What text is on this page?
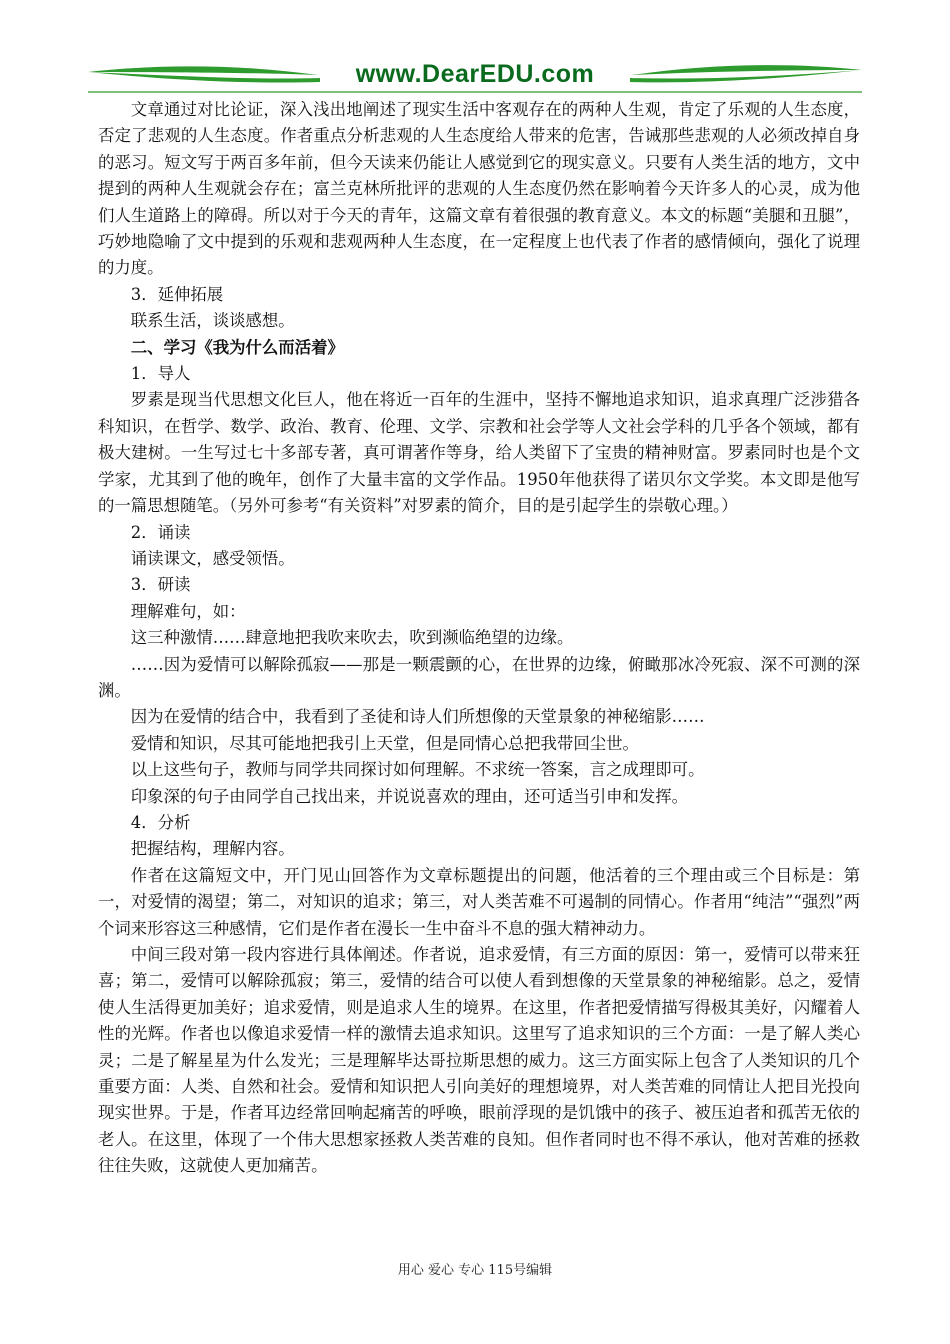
www.DearEDU.com

文章通过对比论证，深入浅出地阐述了现实生活中客观存在的两种人生观，肯定了乐观的人生态度，否定了悲观的人生态度。作者重点分析悲观的人生态度给人带来的危害，告诫那些悲观的人必须改掉自身的恶习。短文写于两百多年前，但今天读来仍能让人感觉到它的现实意义。只要有人类生活的地方，文中提到的两种人生观就会存在；富兰克林所批评的悲观的人生态度仍然在影响着今天许多人的心灵，成为他们人生道路上的障碍。所以对于今天的青年，这篇文章有着很强的教育意义。本文的标题“美腿和丑腿”，巧妙地隐喻了文中提到的乐观和悲观两种人生态度，在一定程度上也代表了作者的感情倾向，强化了说理的力度。

3．延伸拓展

联系生活，谈谈感想。

二、学习《我为什么而活着》

1．导人

罗素是现当代思想文化巨人，他在将近一百年的生涯中，坚持不懈地追求知识，追求真理广泛涉猎各科知识，在哲学、数学、政治、教育、伦理、文学、宗教和社会学等人文社会学科的几乎各个领域，都有极大建树。一生写过七十多部专著，真可谓著作等身，给人类留下了宝贵的精神财富。罗素同时也是个文学家，尤其到了他的晚年，创作了大量丰富的文学作品。1950年他获得了诺贝尔文学奖。本文即是他写的一篇思想随笔。（另外可参考“有关资料”对罗素的简介，目的是引起学生的崇敬心理。）

2．诵读

诵读课文，感受领悟。

3．研读

理解难句，如：

这三种激情……肆意地把我吹来吹去，吹到濒临绝望的边缘。

……因为爱情可以解除孤寂——那是一颗震颤的心，在世界的边缘，俯瞰那冰冷死寂、深不可测的深渊。

因为在爱情的结合中，我看到了圣徒和诗人们所想像的天堂景象的神秘缩影……

爱情和知识，尽其可能地把我引上天堂，但是同情心总把我带回尘世。

以上这些句子，教师与同学共同探讨如何理解。不求统一答案，言之成理即可。

印象深的句子由同学自己找出来，并说说喜欢的理由，还可适当引申和发挥。

4．分析

把握结构，理解内容。

作者在这篇短文中，开门见山回答作为文章标题提出的问题，他活着的三个理由或三个目标是：第一，对爱情的渴望；第二，对知识的追求；第三，对人类苦难不可遏制的同情心。作者用“纯洁”“强烈”两个词来形容这三种感情，它们是作者在漫长一生中奋斗不息的强大精神动力。

中间三段对第一段内容进行具体阐述。作者说，追求爱情，有三方面的原因：第一，爱情可以带来狂喜；第二，爱情可以解除孤寂；第三，爱情的结合可以使人看到想像的天堂景象的神秘缩影。总之，爱情使人生活得更加美好；追求爱情，则是追求人生的境界。在这里，作者把爱情描写得极其美好，闪耀着人性的光辉。作者也以像追求爱情一样的激情去追求知识。这里写了追求知识的三个方面：一是了解人类心灵；二是了解星星为什么发光；三是理解毕达哥拉斯思想的威力。这三方面实际上包含了人类知识的几个重要方面：人类、自然和社会。爱情和知识把人引向美好的理想境界，对人类苦难的同情让人把目光投向现实世界。于是，作者耳边经常回响起痛苦的呼唤，眼前浮现的是饥饿中的孩子、被压迫者和孤苦无依的老人。在这里，体现了一个伟大思想家拯救人类苦难的良知。但作者同时也不得不承认，他对苦难的拯救往往失败，这就使人更加痛苦。

用心 爱心 专心 115号编辑
